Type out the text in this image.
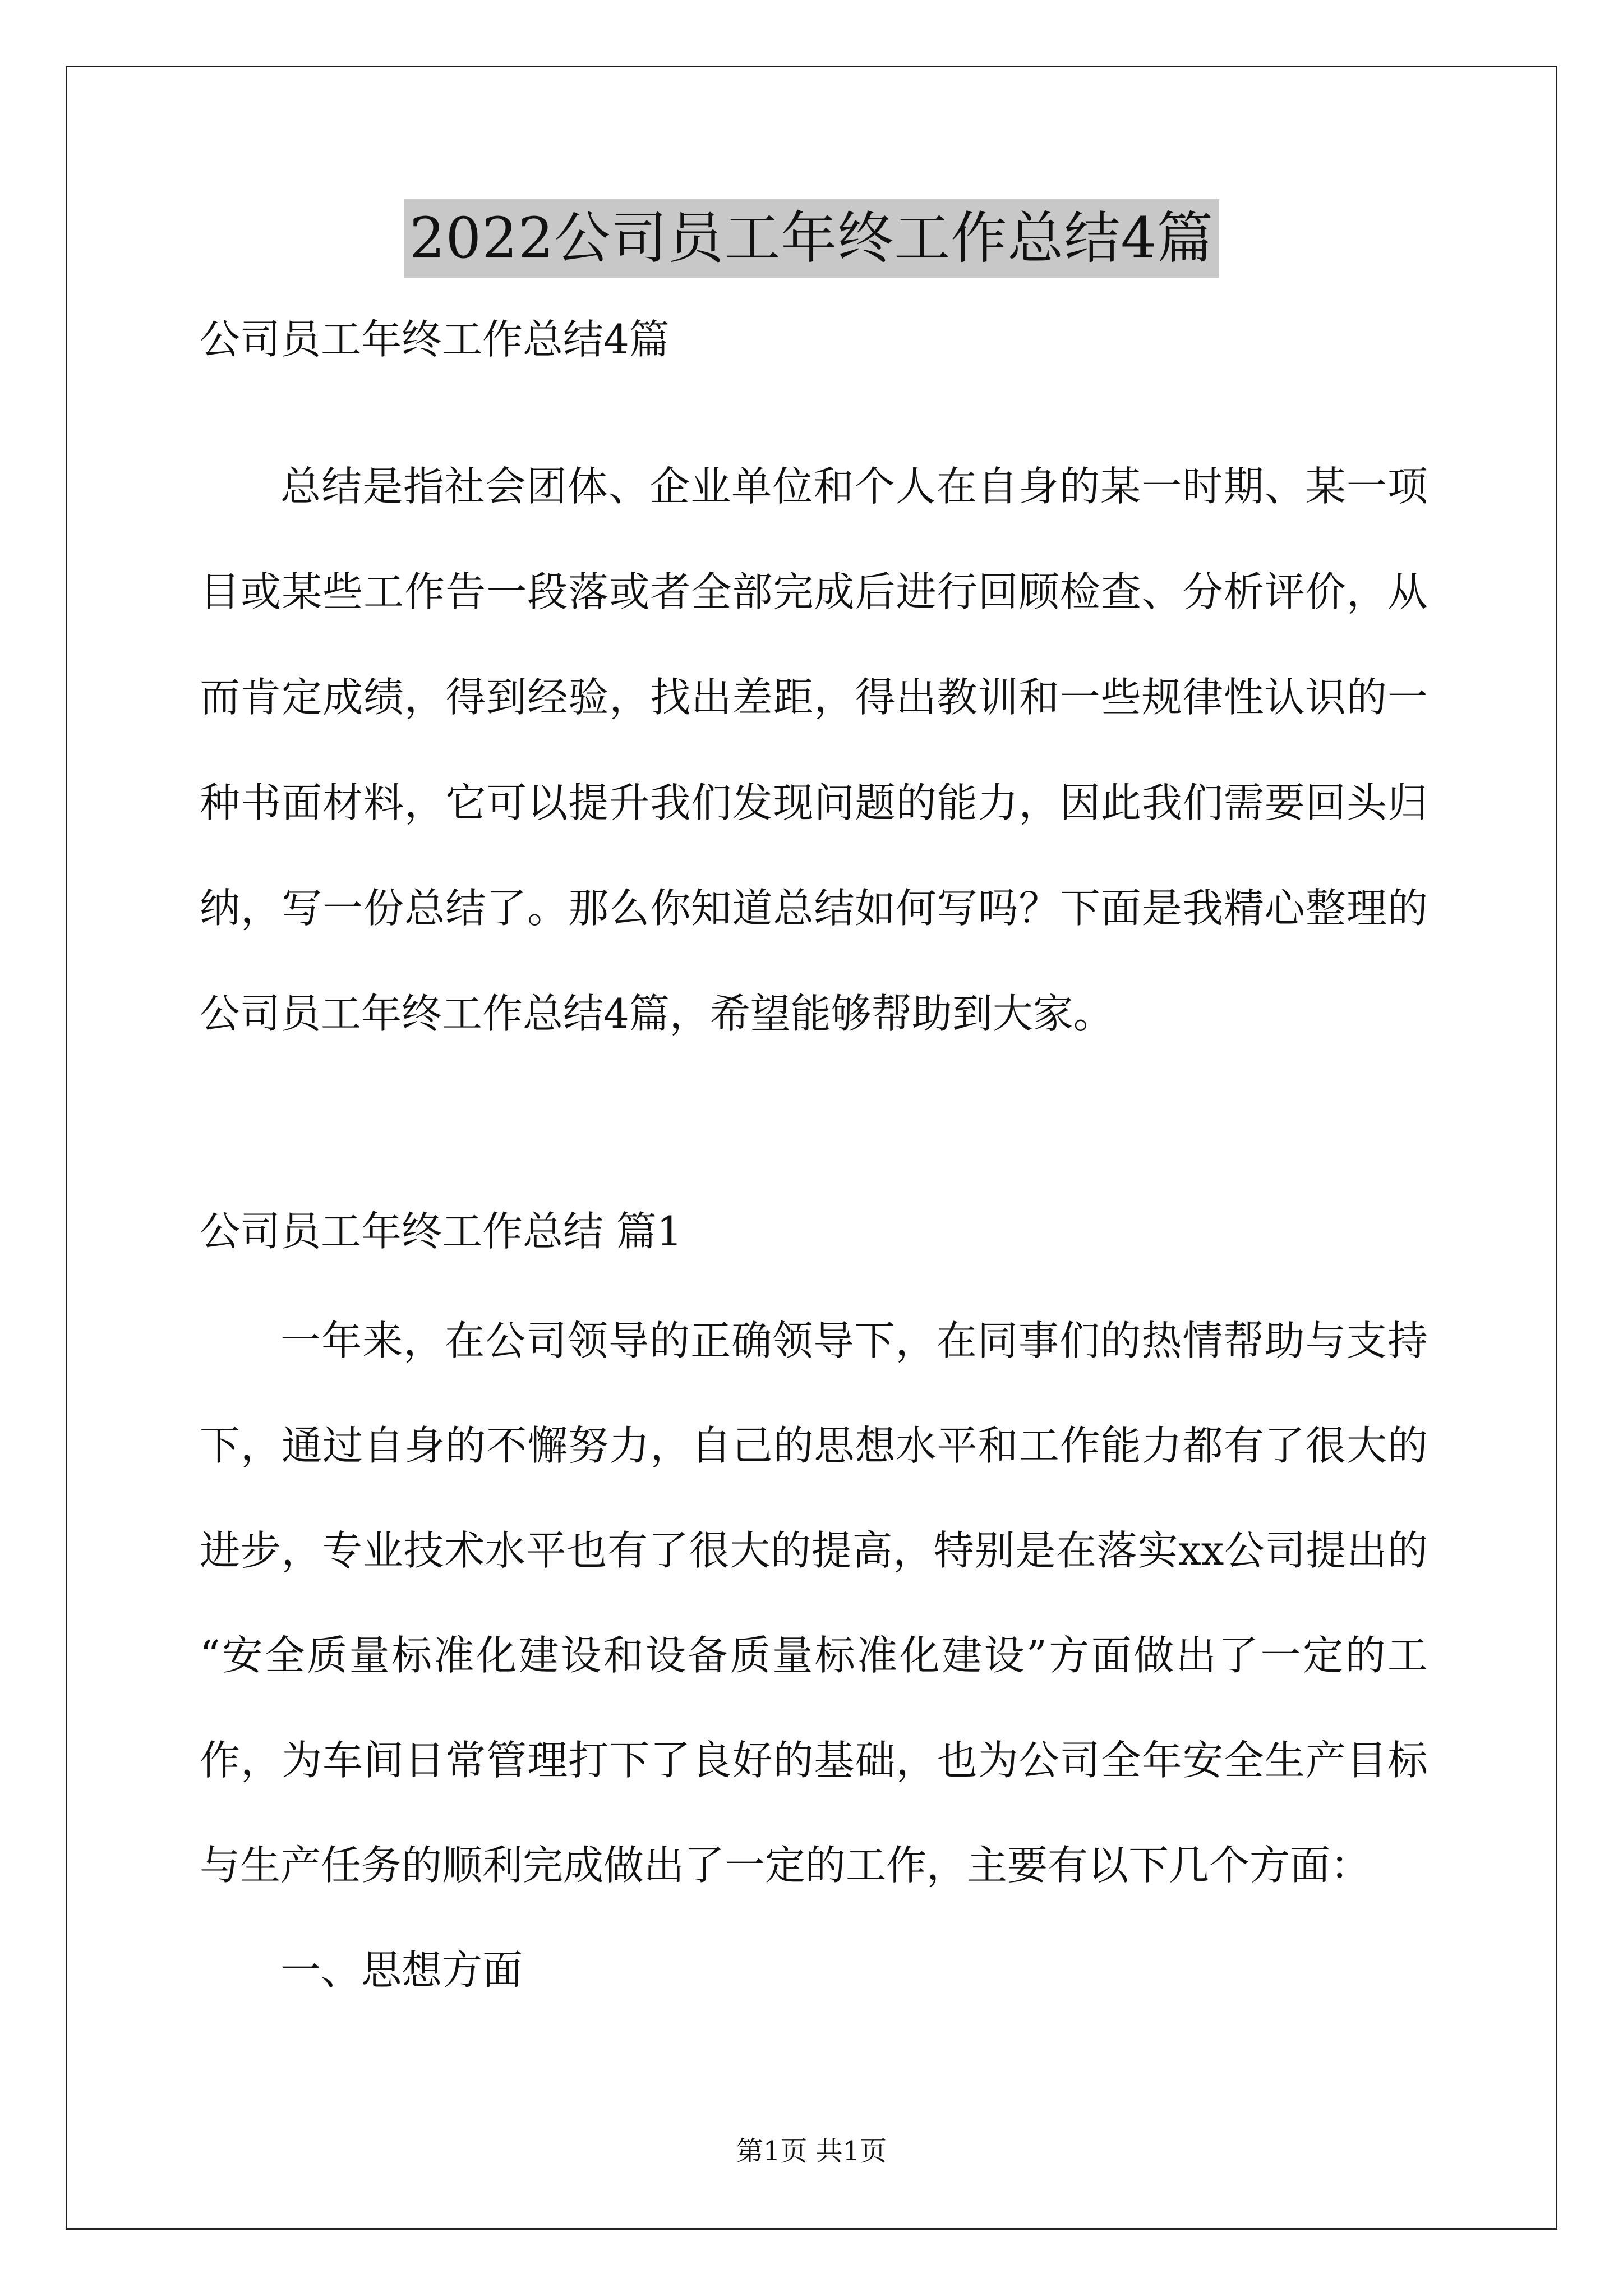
2022公司员工年终工作总结4篇
公司员工年终工作总结4篇
总结是指社会团体、企业单位和个人在自身的某一时期、某一项
目或某些工作告一段落或者全部完成后进行回顾检查、分析评价，从
而肯定成绩，得到经验，找出差距，得出教训和一些规律性认识的一
种书面材料，它可以提升我们发现问题的能力，因此我们需要回头归
纳，写一份总结了。那么你知道总结如何写吗？下面是我精心整理的
公司员工年终工作总结4篇，希望能够帮助到大家。
公司员工年终工作总结 篇1
一年来，在公司领导的正确领导下，在同事们的热情帮助与支持
下，通过自身的不懈努力，自己的思想水平和工作能力都有了很大的
进步，专业技术水平也有了很大的提高，特别是在落实xx公司提出的
“安全质量标准化建设和设备质量标准化建设”方面做出了一定的工
作，为车间日常管理打下了良好的基础，也为公司全年安全生产目标
与生产任务的顺利完成做出了一定的工作，主要有以下几个方面：
一、思想方面
第1页 共1页
